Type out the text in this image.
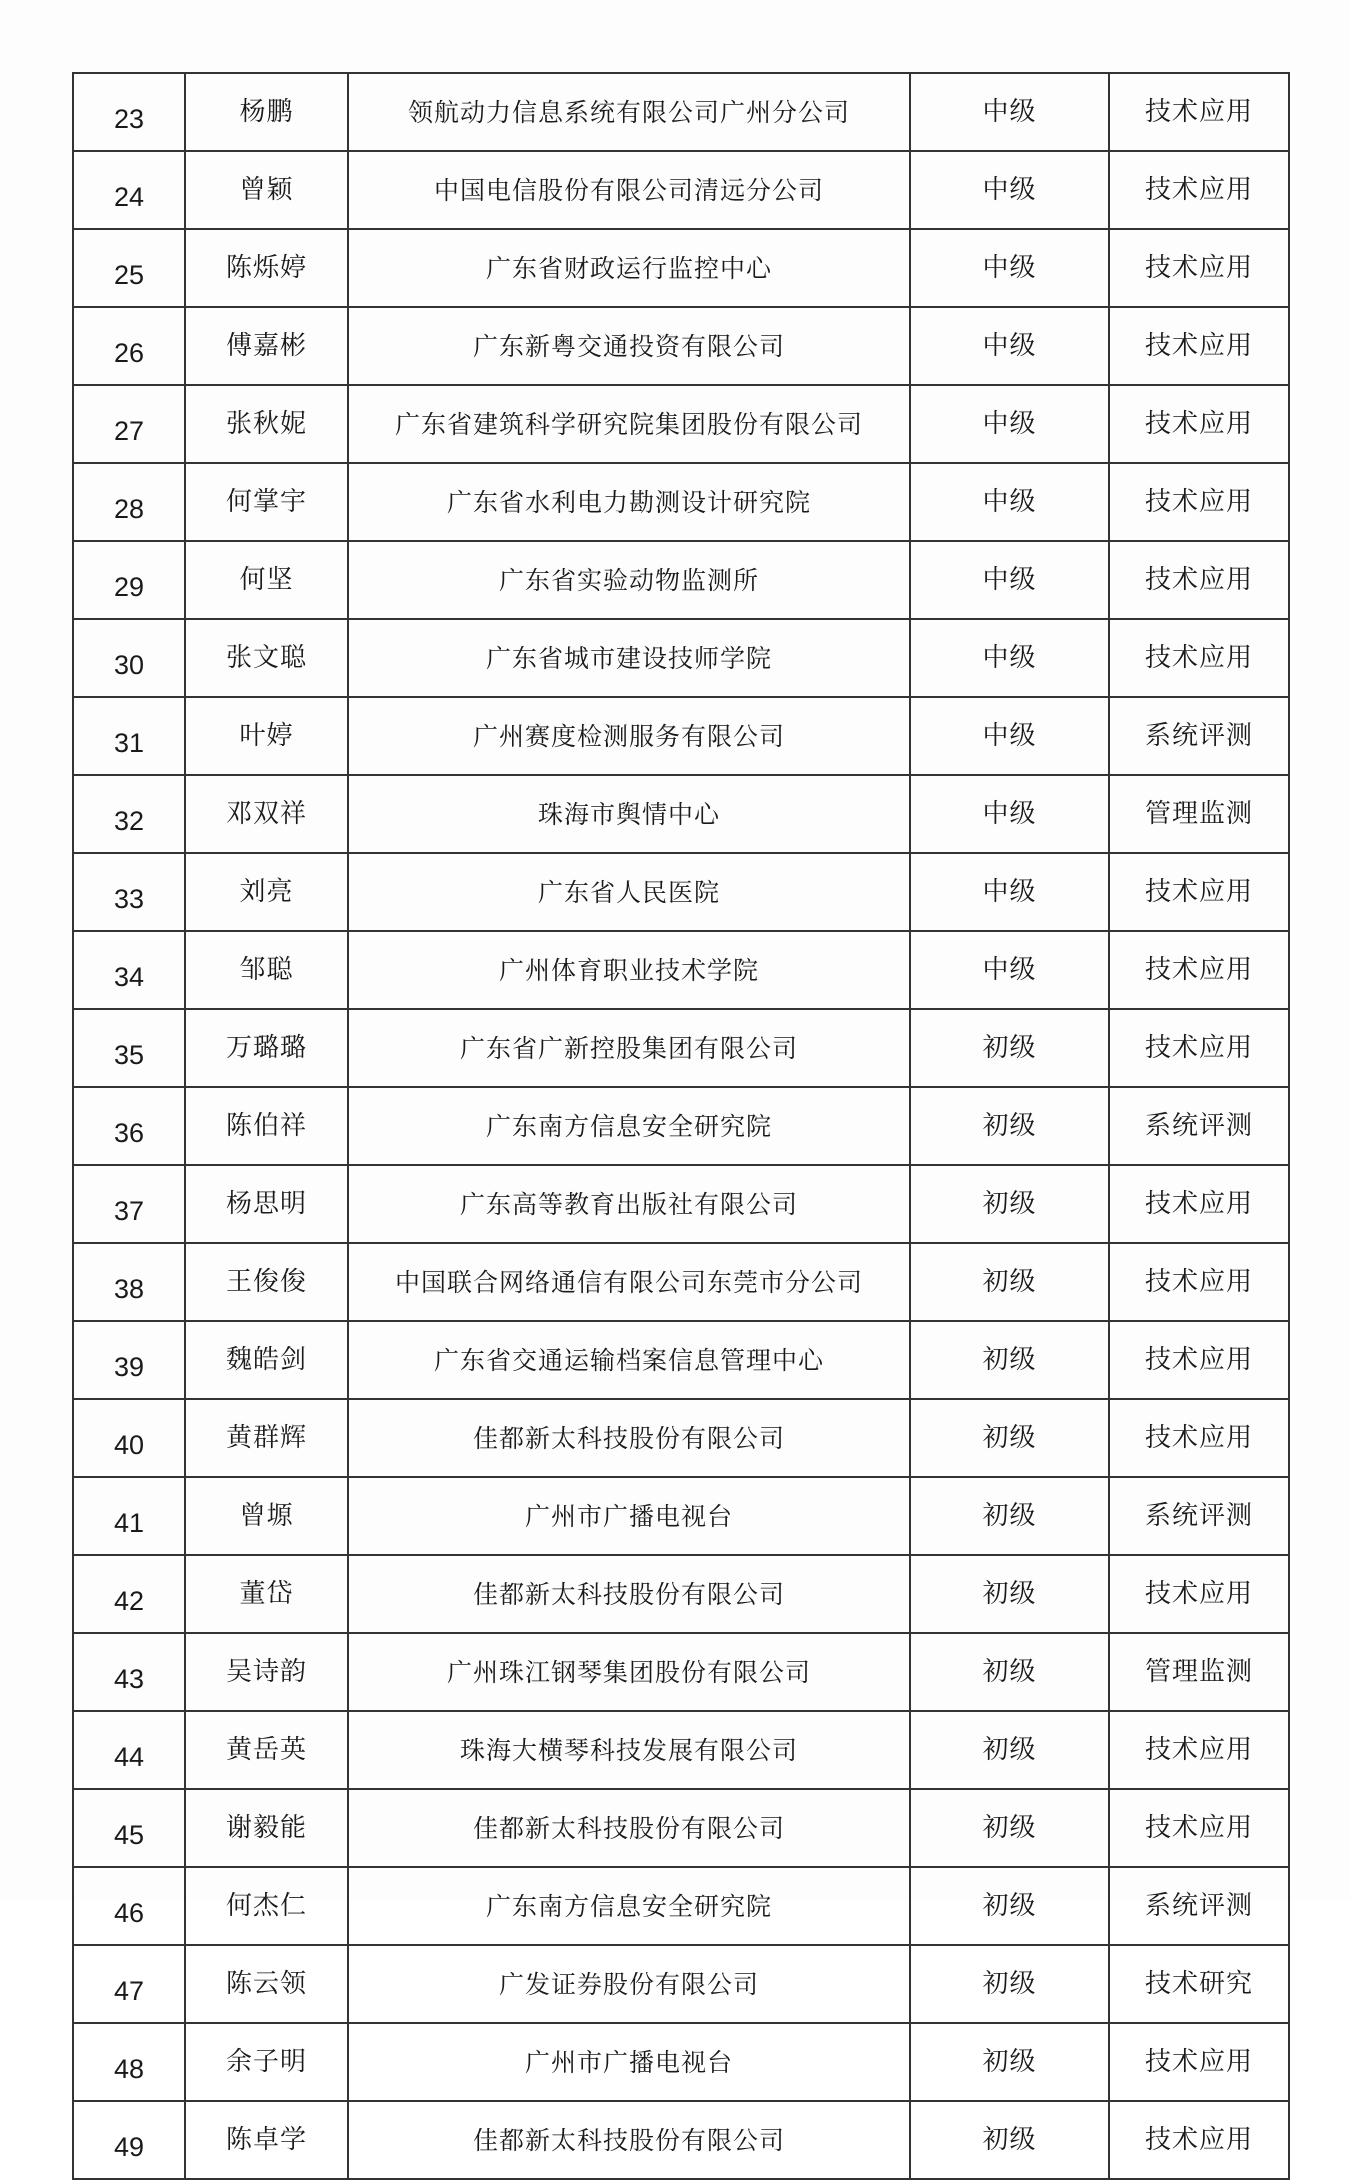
23	杨鹏	领航动力信息系统有限公司广州分公司	中级	技术应用
24	曾颖	中国电信股份有限公司清远分公司	中级	技术应用
25	陈烁婷	广东省财政运行监控中心	中级	技术应用
26	傅嘉彬	广东新粤交通投资有限公司	中级	技术应用
27	张秋妮	广东省建筑科学研究院集团股份有限公司	中级	技术应用
28	何掌宇	广东省水利电力勘测设计研究院	中级	技术应用
29	何坚	广东省实验动物监测所	中级	技术应用
30	张文聪	广东省城市建设技师学院	中级	技术应用
31	叶婷	广州赛度检测服务有限公司	中级	系统评测
32	邓双祥	珠海市舆情中心	中级	管理监测
33	刘亮	广东省人民医院	中级	技术应用
34	邹聪	广州体育职业技术学院	中级	技术应用
35	万璐璐	广东省广新控股集团有限公司	初级	技术应用
36	陈伯祥	广东南方信息安全研究院	初级	系统评测
37	杨思明	广东高等教育出版社有限公司	初级	技术应用
38	王俊俊	中国联合网络通信有限公司东莞市分公司	初级	技术应用
39	魏皓剑	广东省交通运输档案信息管理中心	初级	技术应用
40	黄群辉	佳都新太科技股份有限公司	初级	技术应用
41	曾塬	广州市广播电视台	初级	系统评测
42	董岱	佳都新太科技股份有限公司	初级	技术应用
43	吴诗韵	广州珠江钢琴集团股份有限公司	初级	管理监测
44	黄岳英	珠海大横琴科技发展有限公司	初级	技术应用
45	谢毅能	佳都新太科技股份有限公司	初级	技术应用
46	何杰仁	广东南方信息安全研究院	初级	系统评测
47	陈云领	广发证券股份有限公司	初级	技术研究
48	余子明	广州市广播电视台	初级	技术应用
49	陈卓学	佳都新太科技股份有限公司	初级	技术应用
